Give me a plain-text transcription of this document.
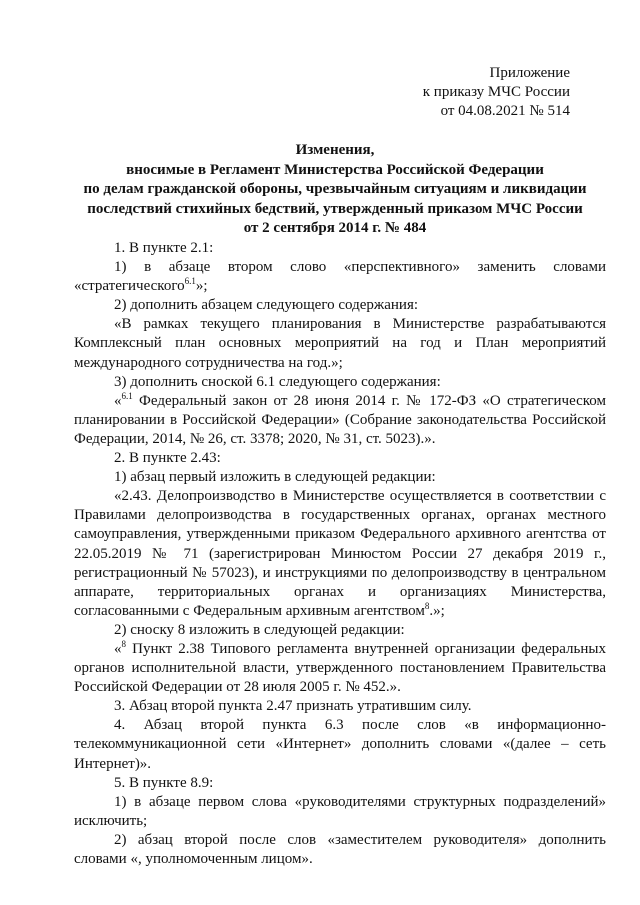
Приложение
к приказу МЧС России
от 04.08.2021 № 514
Изменения,
вносимые в Регламент Министерства Российской Федерации
по делам гражданской обороны, чрезвычайным ситуациям и ликвидации
последствий стихийных бедствий, утвержденный приказом МЧС России
от 2 сентября 2014 г. № 484

1. В пункте 2.1:

1) в абзаце втором слово «перспективного» заменить словами «стратегического$^{6.1}$»;

2) дополнить абзацем следующего содержания:

«В рамках текущего планирования в Министерстве разрабатываются Комплексный план основных мероприятий на год и План мероприятий международного сотрудничества на год.»;

3) дополнить сноской 6.1 следующего содержания:

«$^{6.1}$ Федеральный закон от 28 июня 2014 г. № 172-ФЗ «О стратегическом планировании в Российской Федерации» (Собрание законодательства Российской Федерации, 2014, № 26, ст. 3378; 2020, № 31, ст. 5023).».

2. В пункте 2.43:

1) абзац первый изложить в следующей редакции:

«2.43. Делопроизводство в Министерстве осуществляется в соответствии с Правилами делопроизводства в государственных органах, органах местного самоуправления, утвержденными приказом Федерального архивного агентства от 22.05.2019 № 71 (зарегистрирован Минюстом России 27 декабря 2019 г., регистрационный № 57023), и инструкциями по делопроизводству в центральном аппарате, территориальных органах и организациях Министерства, согласованными с Федеральным архивным агентством$^8$.»;

2) сноску 8 изложить в следующей редакции:

«$^8$ Пункт 2.38 Типового регламента внутренней организации федеральных органов исполнительной власти, утвержденного постановлением Правительства Российской Федерации от 28 июля 2005 г. № 452.».

3. Абзац второй пункта 2.47 признать утратившим силу.

4. Абзац второй пункта 6.3 после слов «в информационно-телекоммуникационной сети «Интернет» дополнить словами «(далее – сеть Интернет)».

5. В пункте 8.9:

1) в абзаце первом слова «руководителями структурных подразделений» исключить;

2) абзац второй после слов «заместителем руководителя» дополнить словами «, уполномоченным лицом».
